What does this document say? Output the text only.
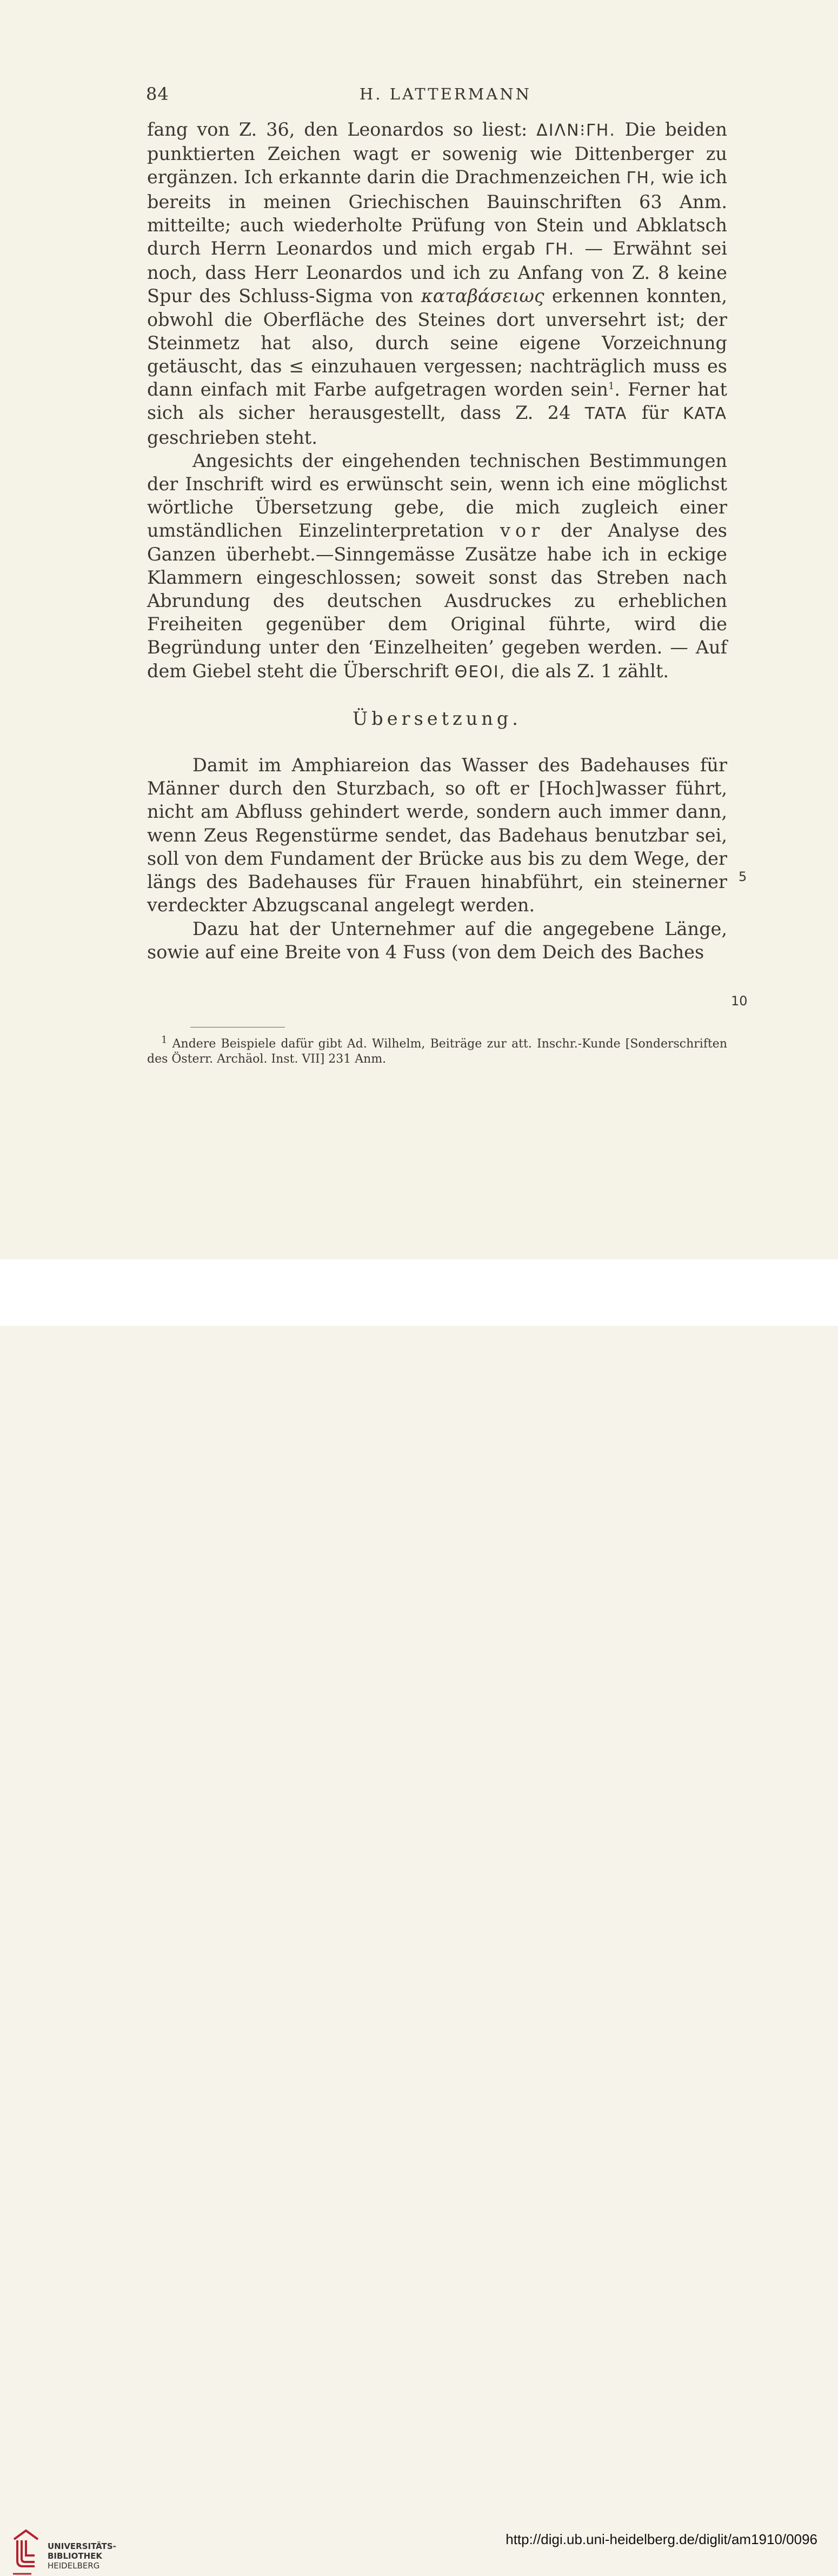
84	H. LATTERMANN

fang von Z. 36, den Leonardos so liest: ΔΙΛΝ⁝ΓΗ. Die beiden punktierten Zeichen wagt er sowenig wie Dittenberger zu ergänzen. Ich erkannte darin die Drachmenzeichen ΓΗ, wie ich bereits in meinen Griechischen Bauinschriften 63 Anm. mitteilte; auch wiederholte Prüfung von Stein und Abklatsch durch Herrn Leonardos und mich ergab ΓΗ. — Erwähnt sei noch, dass Herr Leonardos und ich zu Anfang von Z. 8 keine Spur des Schluss-Sigma von καταβάσειως erkennen konnten, obwohl die Oberfläche des Steines dort unversehrt ist; der Steinmetz hat also, durch seine eigene Vorzeichnung getäuscht, das ≤ einzuhauen vergessen; nachträglich muss es dann einfach mit Farbe aufgetragen worden sein$^1$. Ferner hat sich als sicher herausgestellt, dass Z. 24 TATA für KATA geschrieben steht.

Angesichts der eingehenden technischen Bestimmungen der Inschrift wird es erwünscht sein, wenn ich eine möglichst wörtliche Übersetzung gebe, die mich zugleich einer umständlichen Einzelinterpretation vor der Analyse des Ganzen überhebt.—Sinngemässe Zusätze habe ich in eckige Klammern eingeschlossen; soweit sonst das Streben nach Abrundung des deutschen Ausdruckes zu erheblichen Freiheiten gegenüber dem Original führte, wird die Begründung unter den ‘Einzelheiten’ gegeben werden. — Auf dem Giebel steht die Überschrift ΘΕΟΙ, die als Z. 1 zählt.

Übersetzung.

Damit im Amphiareion das Wasser des Badehauses für Männer durch den Sturzbach, so oft er [Hoch]wasser führt, nicht am Abfluss gehindert werde, sondern auch immer dann, wenn Zeus Regenstürme sendet, das Badehaus benutzbar sei, soll von dem Fundament der Brücke aus bis zu dem Wege, der längs des Badehauses für Frauen hinabführt, ein steinerner verdeckter Abzugscanal angelegt werden.

Dazu hat der Unternehmer auf die angegebene Länge, sowie auf eine Breite von 4 Fuss (von dem Deich des Baches

5
10

$^1$ Andere Beispiele dafür gibt Ad. Wilhelm, Beiträge zur att. Inschr.-Kunde [Sonderschriften des Österr. Archäol. Inst. VII] 231 Anm.

UNIVERSITÄTS-
BIBLIOTHEK
HEIDELBERG
http://digi.ub.uni-heidelberg.de/diglit/am1910/0096
